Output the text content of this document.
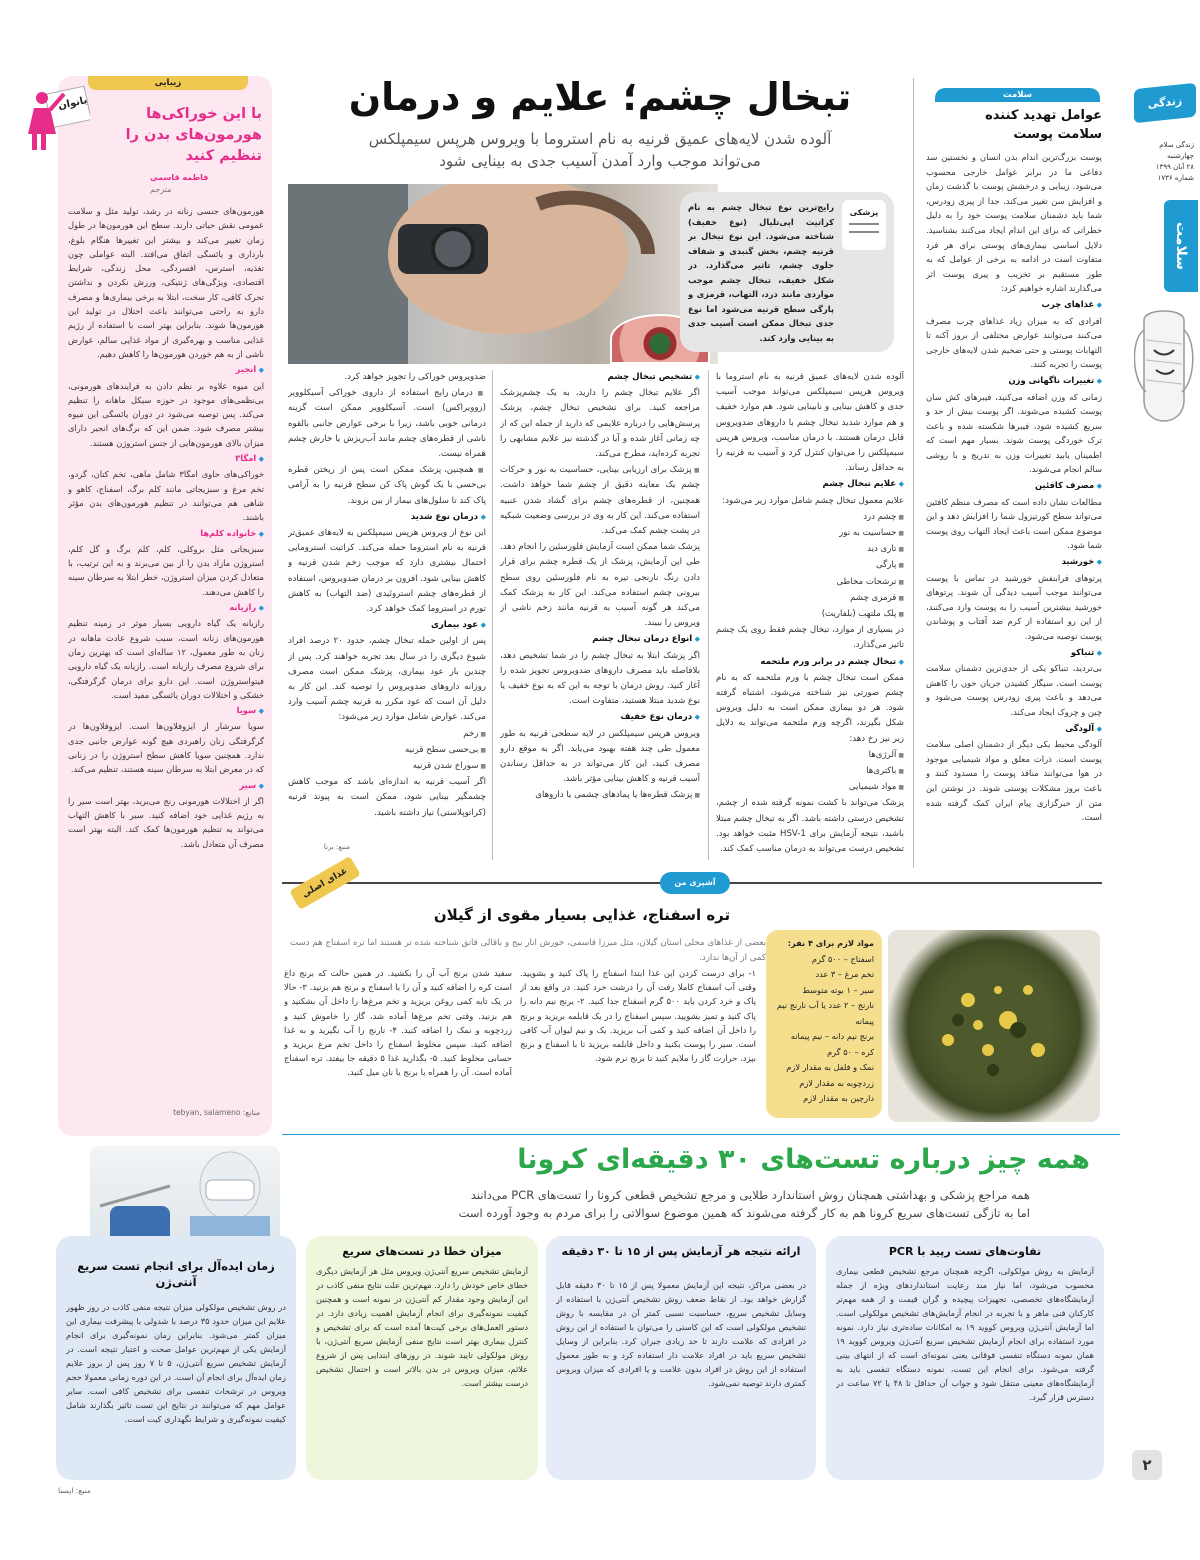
زندگی سلام
زندگی سلام
چهارشنبه
۲۸ آبان ۱۳۹۹
شماره ۱۷۳۶
سلامت
سلامت
عوامل تهدید کننده
سلامت پوست

پوست بزرگ‌ترین اندام بدن انسان و نخستین سد دفاعی ما در برابر عوامل خارجی محسوب می‌شود. زیبایی و درخشش پوست با گذشت زمان و افزایش سن تغییر می‌کند. جدا از پیری زودرس، شما باید دشمنان سلامت پوست خود را به دلیل خطراتی که برای این اندام ایجاد می‌کنند بشناسید. دلایل اساسی بیماری‌های پوستی برای هر فرد متفاوت است در ادامه به برخی از عوامل که به طور مستقیم بر تخریب و پیری پوست اثر می‌گذارند اشاره خواهیم کرد:

◆ غذاهای چرب

افرادی که به میزان زیاد غذاهای چرب مصرف می‌کنند می‌توانند عوارض مختلفی از بروز آکنه تا التهابات پوستی و حتی ضخیم شدن لایه‌های خارجی پوست را تجربه کنند.

◆ تغییرات ناگهانی وزن

زمانی که وزن اضافه می‌کنید، فیبرهای کش سان پوست کشیده می‌شوند. اگر پوست بیش از حد و سریع کشیده شود، فیبرها شکسته شده و باعث ترک خوردگی پوست شوند. بسیار مهم است که اطمینان یابید تغییرات وزن به تدریج و با روشی سالم انجام می‌شوند.

◆ مصرف کافئین

مطالعات نشان داده است که مصرف منظم کافئین می‌تواند سطح کورتیزول شما را افزایش دهد و این موضوع ممکن است باعث ایجاد التهاب روی پوست شما شود.

◆ خورشید

پرتوهای فرابنفش خورشید در تماس با پوست می‌توانند موجب آسیب دیدگی آن شوند. پرتوهای خورشید بیشترین آسیب را به پوست وارد می‌کنند، از این رو استفاده از کرم ضد آفتاب و پوشاندن پوست توصیه می‌شود.

◆ تنباکو

بی‌تردید، تنباکو یکی از جدی‌ترین دشمنان سلامت پوست است. سیگار کشیدن جریان خون را کاهش می‌دهد و باعث پیری زودرس پوست می‌شود و چین و چروک ایجاد می‌کند.

◆ آلودگی

آلودگی محیط یکی دیگر از دشمنان اصلی سلامت پوست است. ذرات معلق و مواد شیمیایی موجود در هوا می‌توانند منافذ پوست را مسدود کنند و باعث بروز مشکلات پوستی شوند. در نوشتن این متن از خبرگزاری پیام ایران کمک گرفته شده است.

تبخال چشم؛ علایم و درمان
آلوده شدن لایه‌های عمیق قرنیه به نام استروما با ویروس هرپس سیمپلکس
می‌تواند موجب وارد آمدن آسیب جدی به بینایی شود
پزشکی
رایج‌ترین نوع تبخال چشم به نام کراتیت اپی‌تلیال (نوع خفیف) شناخته می‌شود. این نوع تبخال بر قرنیه چشم، بخش گنبدی و شفاف جلوی چشم، تاثیر می‌گذارد. در شکل خفیف، تبخال چشم موجب مواردی مانند درد، التهاب، قرمزی و پارگی سطح قرنیه می‌شود اما نوع جدی تبخال ممکن است آسیب جدی به بینایی وارد کند.

آلوده شدن لایه‌های عمیق قرنیه به نام استروما با ویروس هرپس سیمپلکس می‌تواند موجب آسیب جدی و کاهش بینایی و نابینایی شود. هم موارد خفیف و هم موارد شدید تبخال چشم با داروهای ضدویروس قابل درمان هستند. با درمان مناسب، ویروس هرپس سیمپلکس را می‌توان کنترل کرد و آسیب به قرنیه را به حداقل رساند.

◆ علایم تبخال چشم

علایم معمول تبخال چشم شامل موارد زیر می‌شود:

■ چشم درد

■ حساسیت به نور

■ تاری دید

■ پارگی

■ ترشحات مخاطی

■ قرمزی چشم

■ پلک ملتهب (بلفاریت)

در بسیاری از موارد، تبخال چشم فقط روی یک چشم تاثیر می‌گذارد.

◆ تبخال چشم در برابر ورم ملتحمه

ممکن است تبخال چشم با ورم ملتحمه که به نام چشم صورتی نیز شناخته می‌شود، اشتباه گرفته شود. هر دو بیماری ممکن است به دلیل ویروس شکل بگیرند، اگرچه ورم ملتحمه می‌تواند به دلایل زیر نیز رخ دهد:

■ آلرژی‌ها

■ باکتری‌ها

■ مواد شیمیایی

پزشک می‌تواند با کشت نمونه گرفته شده از چشم، تشخیص درستی داشته باشد. اگر به تبخال چشم مبتلا باشید، نتیجه آزمایش برای HSV-1 مثبت خواهد بود. تشخیص درست می‌تواند به درمان مناسب کمک کند.

◆ تشخیص تبخال چشم

اگر علایم تبخال چشم را دارید، به یک چشم‌پزشک مراجعه کنید. برای تشخیص تبخال چشم، پزشک پرسش‌هایی را درباره علایمی که دارید از جمله این که از چه زمانی آغاز شده و آیا در گذشته نیز علایم مشابهی را تجربه کرده‌اید، مطرح می‌کند.

■ پزشک برای ارزیابی بینایی، حساسیت به نور و حرکات چشم یک معاینه دقیق از چشم شما خواهد داشت. همچنین، از قطره‌های چشم برای گشاد شدن عنبیه استفاده می‌کند. این کار به وی در بررسی وضعیت شبکیه در پشت چشم کمک می‌کند.

پزشک شما ممکن است آزمایش فلورسئین را انجام دهد. طی این آزمایش، پزشک از یک قطره چشم برای قرار دادن رنگ نارنجی تیره به نام فلورسئین روی سطح بیرونی چشم استفاده می‌کند. این کار به پزشک کمک می‌کند هر گونه آسیب به قرنیه مانند زخم ناشی از ویروس را ببیند.

◆ انواع درمان تبخال چشم

اگر پزشک ابتلا به تبخال چشم را در شما تشخیص دهد، بلافاصله باید مصرف داروهای ضدویروس تجویز شده را آغاز کنید. روش درمان با توجه به این که به نوع خفیف یا نوع شدید مبتلا هستید، متفاوت است.

◆ درمان نوع خفیف

ویروس هرپس سیمپلکس در لایه سطحی قرنیه به طور معمول طی چند هفته بهبود می‌یابد. اگر به موقع دارو مصرف کنید، این کار می‌تواند در به حداقل رساندن آسیب قرنیه و کاهش بینایی مؤثر باشد.

■ پزشک قطره‌ها یا پمادهای چشمی یا داروهای

ضدویروس خوراکی را تجویز خواهد کرد.

■ درمان رایج استفاده از داروی خوراکی آسیکلوویر (زوویراکس) است. آسیکلوویر ممکن است گزینه درمانی خوبی باشد، زیرا با برخی عوارض جانبی بالقوه ناشی از قطره‌های چشم مانند آب‌ریزش یا خارش چشم همراه نیست.

■ همچنین، پزشک ممکن است پس از ریختن قطره بی‌حسی با یک گوش پاک کن سطح قرنیه را به آرامی پاک کند تا سلول‌های بیمار از بین بروند.

◆ درمان نوع شدید

این نوع از ویروس هرپس سیمپلکس به لایه‌های عمیق‌تر قرنیه به نام استروما حمله می‌کند. کراتیت استرومایی احتمال بیشتری دارد که موجب زخم شدن قرنیه و کاهش بینایی شود. افزون بر درمان ضدویروس، استفاده از قطره‌های چشم استروئیدی (ضد التهاب) به کاهش تورم در استروما کمک خواهد کرد.

◆ عود بیماری

پس از اولین حمله تبخال چشم، حدود ۲۰ درصد افراد شیوع دیگری را در سال بعد تجربه خواهند کرد. پس از چندین بار عود بیماری، پزشک ممکن است مصرف روزانه داروهای ضدویروس را توصیه کند. این کار به دلیل آن است که عود مکرر به قرنیه چشم آسیب وارد می‌کند. عوارض شامل موارد زیر می‌شود:

■ زخم

■ بی‌حسی سطح قرنیه

■ سوراخ شدن قرنیه

اگر آسیب قرنیه به اندازه‌ای باشد که موجب کاهش چشمگیر بینایی شود، ممکن است به پیوند قرنیه (کراتوپلاستی) نیاز داشته باشید.

منبع: برنا
زیبایی
بانوان
با این خوراکی‌ها
هورمون‌های بدن را
تنظیم کنید
فاطمه قاسمی
مترجم

هورمون‌های جنسی زنانه در رشد، تولید مثل و سلامت عمومی نقش حیاتی دارند. سطح این هورمون‌ها در طول زمان تغییر می‌کند و بیشتر این تغییرها هنگام بلوغ، بارداری و یائسگی اتفاق می‌افتد. البته عواملی چون تغذیه، استرس، افسردگی، محل زندگی، شرایط اقتصادی، ویژگی‌های ژنتیکی، ورزش نکردن و نداشتن تحرک کافی، کار سخت، ابتلا به برخی بیماری‌ها و مصرف دارو به راحتی می‌توانند باعث اختلال در تولید این هورمون‌ها شوند. بنابراین بهتر است با استفاده از رژیم غذایی مناسب و بهره‌گیری از مواد غذایی سالم، عوارض ناشی از به هم خوردن هورمون‌ها را کاهش دهیم.

◆ انجیر

این میوه علاوه بر نظم دادن به فرایندهای هورمونی، بی‌نظمی‌های موجود در حوزه سیکل ماهانه را تنظیم می‌کند. پس توصیه می‌شود در دوران یائسگی این میوه بیشتر مصرف شود. ضمن این که برگ‌های انجیر دارای میزان بالای هورمون‌هایی از جنس استروژن هستند.

◆ امگا۳

خوراکی‌های حاوی امگا۳ شامل ماهی، تخم کتان، گردو، تخم مرغ و سبزیجاتی مانند کلم برگ، اسفناج، کاهو و شاهی هم می‌توانند در تنظیم هورمون‌های بدن مؤثر باشند.

◆ خانواده کلم‌ها

سبزیجاتی مثل بروکلی، کلم، کلم برگ و گل کلم، استروژن مازاد بدن را از بین می‌برند و به این ترتیب، با متعادل کردن میزان استروژن، خطر ابتلا به سرطان سینه را کاهش می‌دهند.

◆ رازیانه

رازیانه یک گیاه دارویی بسیار موثر در زمینه تنظیم هورمون‌های زنانه است، سبب شروع عادت ماهانه در زنان به طور معمول، ۱۲ ساله‌ای است که بهترین زمان برای شروع مصرف رازیانه است. رازیانه یک گیاه دارویی فیتواستروژن است. این دارو برای درمان گرگرفتگی، خشکی و اختلالات دوران یائسگی مفید است.

◆ سویا

سویا سرشار از ایزوفلاون‌ها است. ایزوفلاون‌ها در گرگرفتگی زنان راهبردی هیچ گونه عوارض جانبی جدی ندارد. همچنین سویا کاهش سطح استروژن را در زنانی که در معرض ابتلا به سرطان سینه هستند، تنظیم می‌کند.

◆ سیر

اگر از اختلالات هورمونی رنج می‌برید، بهتر است سیر را به رژیم غذایی خود اضافه کنید. سیر با کاهش التهاب می‌تواند به تنظیم هورمون‌ها کمک کند. البته بهتر است مصرف آن متعادل باشد.

منابع: tebyan, salameno
آشپزی من
غذای اصلی
تره اسفناج، غذایی بسیار مقوی از گیلان
بعضی از غذاهای محلی استان گیلان، مثل میرزا قاسمی، خورش انار بیج و باقالی قاتق شناخته شده تر هستند اما تره اسفناج هم دست کمی از آن‌ها ندارد.
مواد لازم برای ۴ نفر:
اسفناج – ۵۰۰ گرم
تخم مرغ – ۳ عدد
سیر – ۱ بوته متوسط
نارنج – ۲ عدد یا آب نارنج نیم پیمانه
برنج نیم دانه – نیم پیمانه
کره – ۵۰ گرم
نمک و فلفل به مقدار لازم
زردچوبه به مقدار لازم
دارچین به مقدار لازم

۱- برای درست کردن این غذا ابتدا اسفناج را پاک کنید و بشویید. وقتی آب اسفناج کاملا رفت آن را درشت خرد کنید. در واقع بعد از پاک و خرد کردن باید ۵۰۰ گرم اسفناج جدا کنید. ۲- برنج نیم دانه را پاک کنید و تمیز بشویید. سپس اسفناج را در یک قابلمه بریزید و برنج را داخل آن اضافه کنید و کمی آب بریزید. یک و نیم لیوان آب کافی است. سیر را پوست بکنید و داخل قابلمه بریزید تا با اسفناج و برنج بپزد. حرارت گاز را ملایم کنید تا برنج نرم شود.

سفید شدن برنج آب آن را بکشید. در همین حالت که برنج داغ است کره را اضافه کنید و آن را با اسفناج و برنج هم بزنید. ۳- حالا در یک تابه کمی روغن بریزید و تخم مرغ‌ها را داخل آن بشکنید و هم بزنید. وقتی تخم مرغ‌ها آماده شد، گاز را خاموش کنید و زردچوبه و نمک را اضافه کنید. ۴- نارنج را آب بگیرید و به غذا اضافه کنید. سپس مخلوط اسفناج را داخل تخم مرغ بریزید و حسابی مخلوط کنید. ۵- بگذارید غذا ۵ دقیقه جا بیفتد. تره اسفناج آماده است. آن را همراه با برنج یا نان میل کنید.

همه چیز درباره تست‌های ۳۰ دقیقه‌ای کرونا
همه مراجع پزشکی و بهداشتی همچنان روش استاندارد طلایی و مرجع تشخیص قطعی کرونا را تست‌های PCR می‌دانند
اما به تازگی تست‌های سریع کرونا هم به کار گرفته می‌شوند که همین موضوع سوالاتی را برای مردم به وجود آورده است
تفاوت‌های تست رپید با PCR
آزمایش به روش مولکولی، اگرچه همچنان مرجع تشخیص قطعی بیماری محسوب می‌شود، اما نیاز مند رعایت استانداردهای ویژه از جمله آزمایشگاه‌های تخصصی، تجهیزات پیچیده و گران قیمت و از همه مهم‌تر کارکنان فنی ماهر و با تجربه در انجام آزمایش‌های تشخیص مولکولی است. اما آزمایش آنتی‌ژن ویروس کووید ۱۹ به امکانات ساده‌تری نیاز دارد. نمونه مورد استفاده برای انجام آزمایش تشخیص سریع آنتی‌ژن ویروس کووید ۱۹ همان نمونه دستگاه تنفسی فوقانی یعنی نمونه‌ای است که از انتهای بینی گرفته می‌شود. برای انجام این تست، نمونه دستگاه تنفسی باید به آزمایشگاه‌های معینی منتقل شود و جواب آن حداقل تا ۴۸ یا ۷۲ ساعت در دسترس قرار گیرد.
ارائه نتیجه هر آزمایش پس از ۱۵ تا ۳۰ دقیقه
در بعضی مراکز، نتیجه این آزمایش معمولا پس از ۱۵ تا ۳۰ دقیقه قابل گزارش خواهد بود. از نقاط ضعف روش تشخیص آنتی‌ژن با استفاده از وسایل تشخیص سریع، حساسیت نسبی کمتر آن در مقایسه با روش تشخیص مولکولی است که این کاستی را می‌توان با استفاده از این روش در افرادی که علامت دارند تا حد زیادی جبران کرد. بنابراین از وسایل تشخیص سریع باید در افراد علامت دار استفاده کرد و به طور معمول استفاده از این روش در افراد بدون علامت و یا افرادی که میزان ویروس کمتری دارند توصیه نمی‌شود.
میزان خطا در تست‌های سریع
آزمایش تشخیص سریع آنتی‌ژن ویروس مثل هر آزمایش دیگری خطای خاص خودش را دارد. مهم‌ترین علت نتایج منفی کاذب در این آزمایش وجود مقدار کم آنتی‌ژن در نمونه است و همچنین کیفیت نمونه‌گیری برای انجام آزمایش اهمیت زیادی دارد. در دستور العمل‌های برخی کیت‌ها آمده است که برای تشخیص و کنترل بیماری بهتر است نتایج منفی آزمایش سریع آنتی‌ژن، با روش مولکولی تایید شوند. در روزهای ابتدایی پس از شروع علائم، میزان ویروس در بدن بالاتر است و احتمال تشخیص درست بیشتر است.
زمان ایده‌آل برای انجام تست سریع آنتی‌ژن
در روش تشخیص مولکولی میزان نتیجه منفی کاذب در روز ظهور علایم این میزان حدود ۳۵ درصد با شدولی با پیشرفت بیماری این میزان کمتر می‌شود. بنابراین زمان نمونه‌گیری برای انجام آزمایش یکی از مهم‌ترین عوامل صحت و اعتبار نتیجه است. در آزمایش تشخیص سریع آنتی‌ژن، ۵ تا ۷ روز پس از بروز علایم زمان ایده‌آل برای انجام آن است. در این دوره زمانی معمولا حجم ویروس در ترشحات تنفسی برای تشخیص کافی است. سایر عوامل مهم که می‌توانند در نتایج این تست تاثیر بگذارند شامل کیفیت نمونه‌گیری و شرایط نگهداری کیت است.
منبع: ایسنا
۲
